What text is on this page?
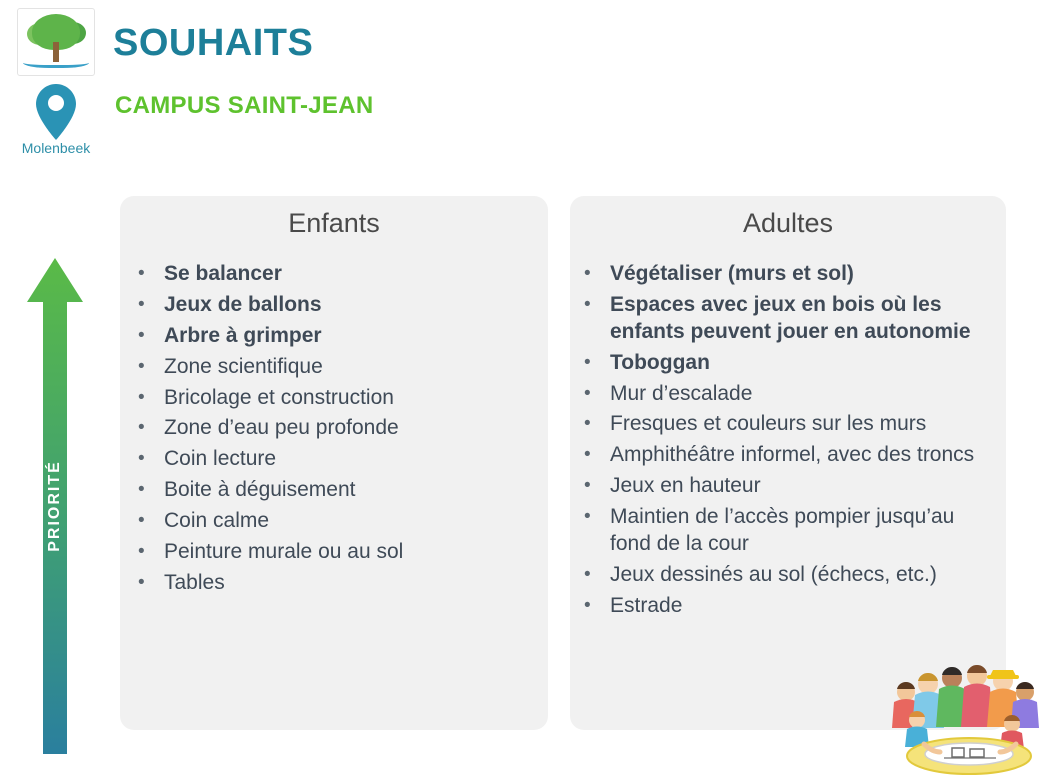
Molenbeek
SOUHAITS
CAMPUS SAINT-JEAN
PRIORITÉ
Enfants
• Se balancer
• Jeux de ballons
• Arbre à grimper
• Zone scientifique
• Bricolage et construction
• Zone d’eau peu profonde
• Coin lecture
• Boite à déguisement
• Coin calme
• Peinture murale ou au sol
• Tables
Adultes
• Végétaliser (murs et sol)
• Espaces avec jeux en bois où les enfants peuvent jouer en autonomie
• Toboggan
• Mur d’escalade
• Fresques et couleurs sur les murs
• Amphithéâtre informel, avec des troncs
• Jeux en hauteur
• Maintien de l’accès pompier jusqu’au fond de la cour
• Jeux dessinés au sol (échecs, etc.)
• Estrade
